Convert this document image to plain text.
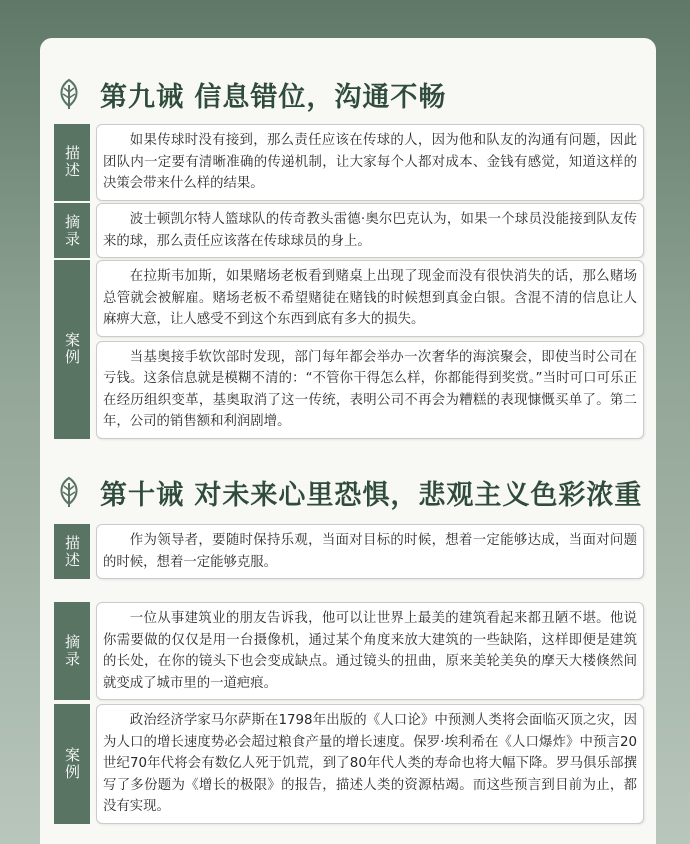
第九诫 信息错位，沟通不畅
描述
如果传球时没有接到，那么责任应该在传球的人，因为他和队友的沟通有问题，因此团队内一定要有清晰准确的传递机制，让大家每个人都对成本、金钱有感觉，知道这样的决策会带来什么样的结果。
摘录	波士顿凯尔特人篮球队的传奇教头雷德·奥尔巴克认为，如果一个球员没能接到队友传来的球，那么责任应该落在传球球员的身上。
案例
在拉斯韦加斯，如果赌场老板看到赌桌上出现了现金而没有很快消失的话，那么赌场总管就会被解雇。赌场老板不希望赌徒在赌钱的时候想到真金白银。含混不清的信息让人麻痹大意，让人感受不到这个东西到底有多大的损失。
当基奥接手软饮部时发现，部门每年都会举办一次奢华的海滨聚会，即使当时公司在亏钱。这条信息就是模糊不清的：“不管你干得怎么样，你都能得到奖赏。”当时可口可乐正在经历组织变革，基奥取消了这一传统，表明公司不再会为糟糕的表现慷慨买单了。第二年，公司的销售额和利润剧增。
第十诫 对未来心里恐惧，悲观主义色彩浓重
描述	作为领导者，要随时保持乐观，当面对目标的时候，想着一定能够达成，当面对问题的时候，想着一定能够克服。
摘录
一位从事建筑业的朋友告诉我，他可以让世界上最美的建筑看起来都丑陋不堪。他说你需要做的仅仅是用一台摄像机，通过某个角度来放大建筑的一些缺陷，这样即便是建筑的长处，在你的镜头下也会变成缺点。通过镜头的扭曲，原来美轮美奂的摩天大楼倏然间就变成了城市里的一道疤痕。
案例
政治经济学家马尔萨斯在1798年出版的《人口论》中预测人类将会面临灭顶之灾，因为人口的增长速度势必会超过粮食产量的增长速度。保罗·埃利希在《人口爆炸》中预言20世纪70年代将会有数亿人死于饥荒，到了80年代人类的寿命也将大幅下降。罗马俱乐部撰写了多份题为《增长的极限》的报告，描述人类的资源枯竭。而这些预言到目前为止，都没有实现。
